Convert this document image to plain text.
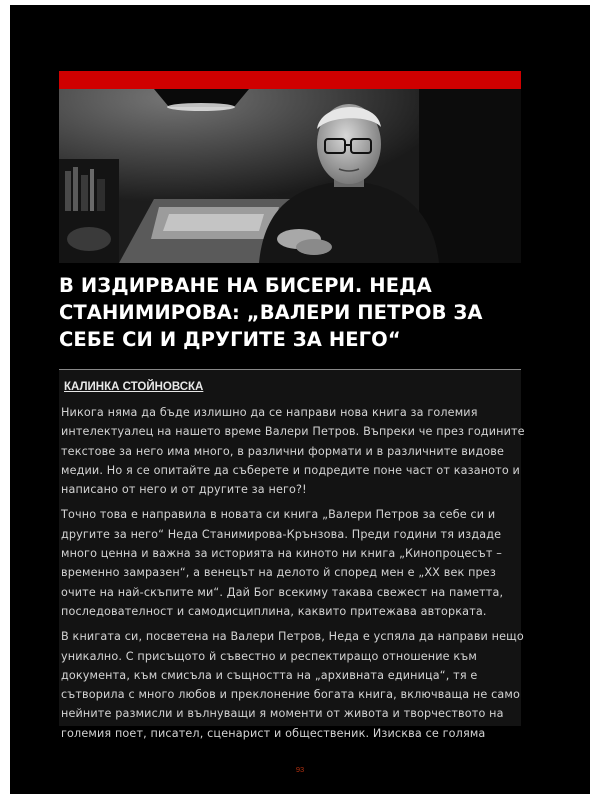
В ИЗДИРВАНЕ НА БИСЕРИ. НЕДА СТАНИМИРОВА: „ВАЛЕРИ ПЕТРОВ ЗА СЕБЕ СИ И ДРУГИТЕ ЗА НЕГО“
КАЛИНКА СТОЙНОВСКА

Никога няма да бъде излишно да се направи нова книга за големия интелектуалец на нашето време Валери Петров. Въпреки че през годините текстове за него има много, в различни формати и в различните видове медии. Но я се опитайте да съберете и подредите поне част от казаното и написано от него и от другите за него?!

Точно това е направила в новата си книга „Валери Петров за себе си и другите за него“ Неда Станимирова-Крънзова. Преди години тя издаде много ценна и важна за историята на киното ни книга „Кинопроцесът – временно замразен“, а венецът на делото й според мен е „XX век през очите на най-скъпите ми“. Дай Бог всекиму такава свежест на паметта, последователност и самодисциплина, каквито притежава авторката.

В книгата си, посветена на Валери Петров, Неда е успяла да направи нещо уникално. С присъщото й съвестно и респектиращо отношение към документа, към смисъла и същността на „архивната единица“, тя е сътворила с много любов и преклонение богата книга, включваща не само нейните размисли и вълнуващи я моменти от живота и творчеството на големия поет, писател, сценарист и общественик. Изисква се голяма

93
